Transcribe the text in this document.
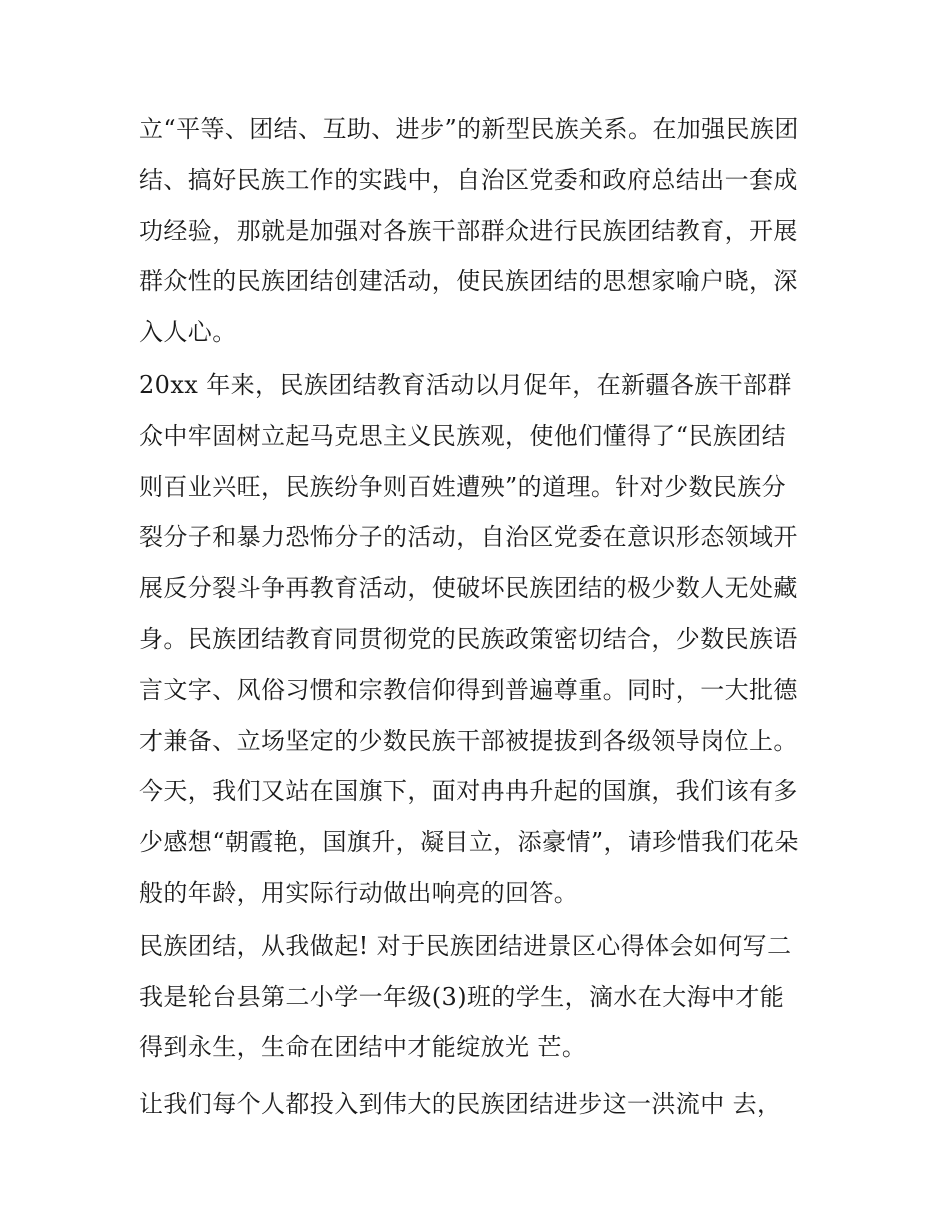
立“平等、团结、互助、进步”的新型民族关系。在加强民族团
结、搞好民族工作的实践中，自治区党委和政府总结出一套成
功经验，那就是加强对各族干部群众进行民族团结教育，开展
群众性的民族团结创建活动，使民族团结的思想家喻户晓，深
入人心。
20xx 年来，民族团结教育活动以月促年，在新疆各族干部群
众中牢固树立起马克思主义民族观，使他们懂得了“民族团结
则百业兴旺，民族纷争则百姓遭殃”的道理。针对少数民族分
裂分子和暴力恐怖分子的活动，自治区党委在意识形态领域开
展反分裂斗争再教育活动，使破坏民族团结的极少数人无处藏
身。民族团结教育同贯彻党的民族政策密切结合，少数民族语
言文字、风俗习惯和宗教信仰得到普遍尊重。同时，一大批德
才兼备、立场坚定的少数民族干部被提拔到各级领导岗位上。
今天，我们又站在国旗下，面对冉冉升起的国旗，我们该有多
少感想“朝霞艳，国旗升，凝目立，添豪情”，请珍惜我们花朵
般的年龄，用实际行动做出响亮的回答。
民族团结，从我做起! 对于民族团结进景区心得体会如何写二
我是轮台县第二小学一年级(3)班的学生，滴水在大海中才能
得到永生，生命在团结中才能绽放光 芒。
让我们每个人都投入到伟大的民族团结进步这一洪流中 去，
